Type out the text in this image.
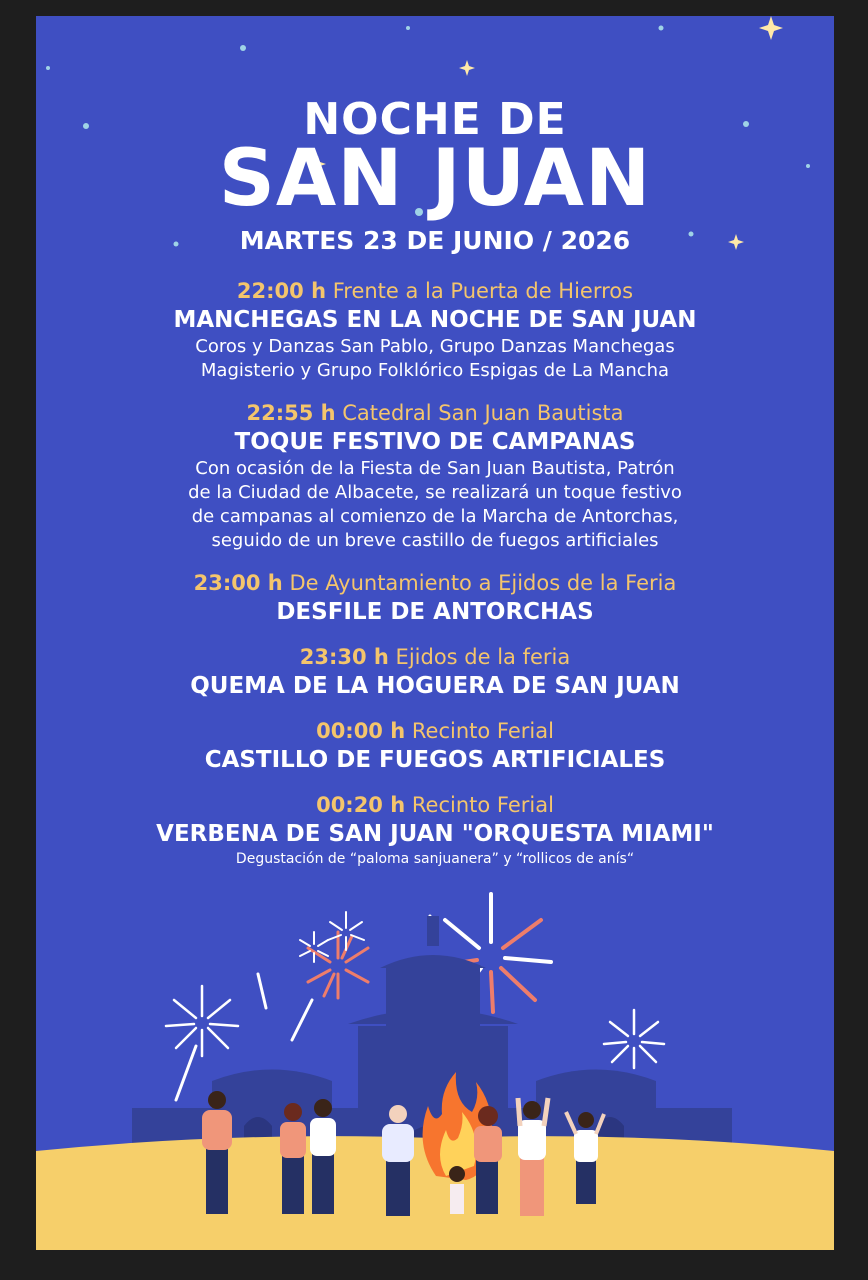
NOCHE DE
SAN JUAN
MARTES 23 DE JUNIO / 2026
22:00 h Frente a la Puerta de Hierros
MANCHEGAS EN LA NOCHE DE SAN JUAN
Coros y Danzas San Pablo, Grupo Danzas Manchegas
Magisterio y Grupo Folklórico Espigas de La Mancha
22:55 h Catedral San Juan Bautista
TOQUE FESTIVO DE CAMPANAS
Con ocasión de la Fiesta de San Juan Bautista, Patrón
de la Ciudad de Albacete, se realizará un toque festivo
de campanas al comienzo de la Marcha de Antorchas,
seguido de un breve castillo de fuegos artificiales
23:00 h De Ayuntamiento a Ejidos de la Feria
DESFILE DE ANTORCHAS
23:30 h Ejidos de la feria
QUEMA DE LA HOGUERA DE SAN JUAN
00:00 h Recinto Ferial
CASTILLO DE FUEGOS ARTIFICIALES
00:20 h Recinto Ferial
VERBENA DE SAN JUAN "ORQUESTA MIAMI"
Degustación de “paloma sanjuanera” y “rollicos de anís“
